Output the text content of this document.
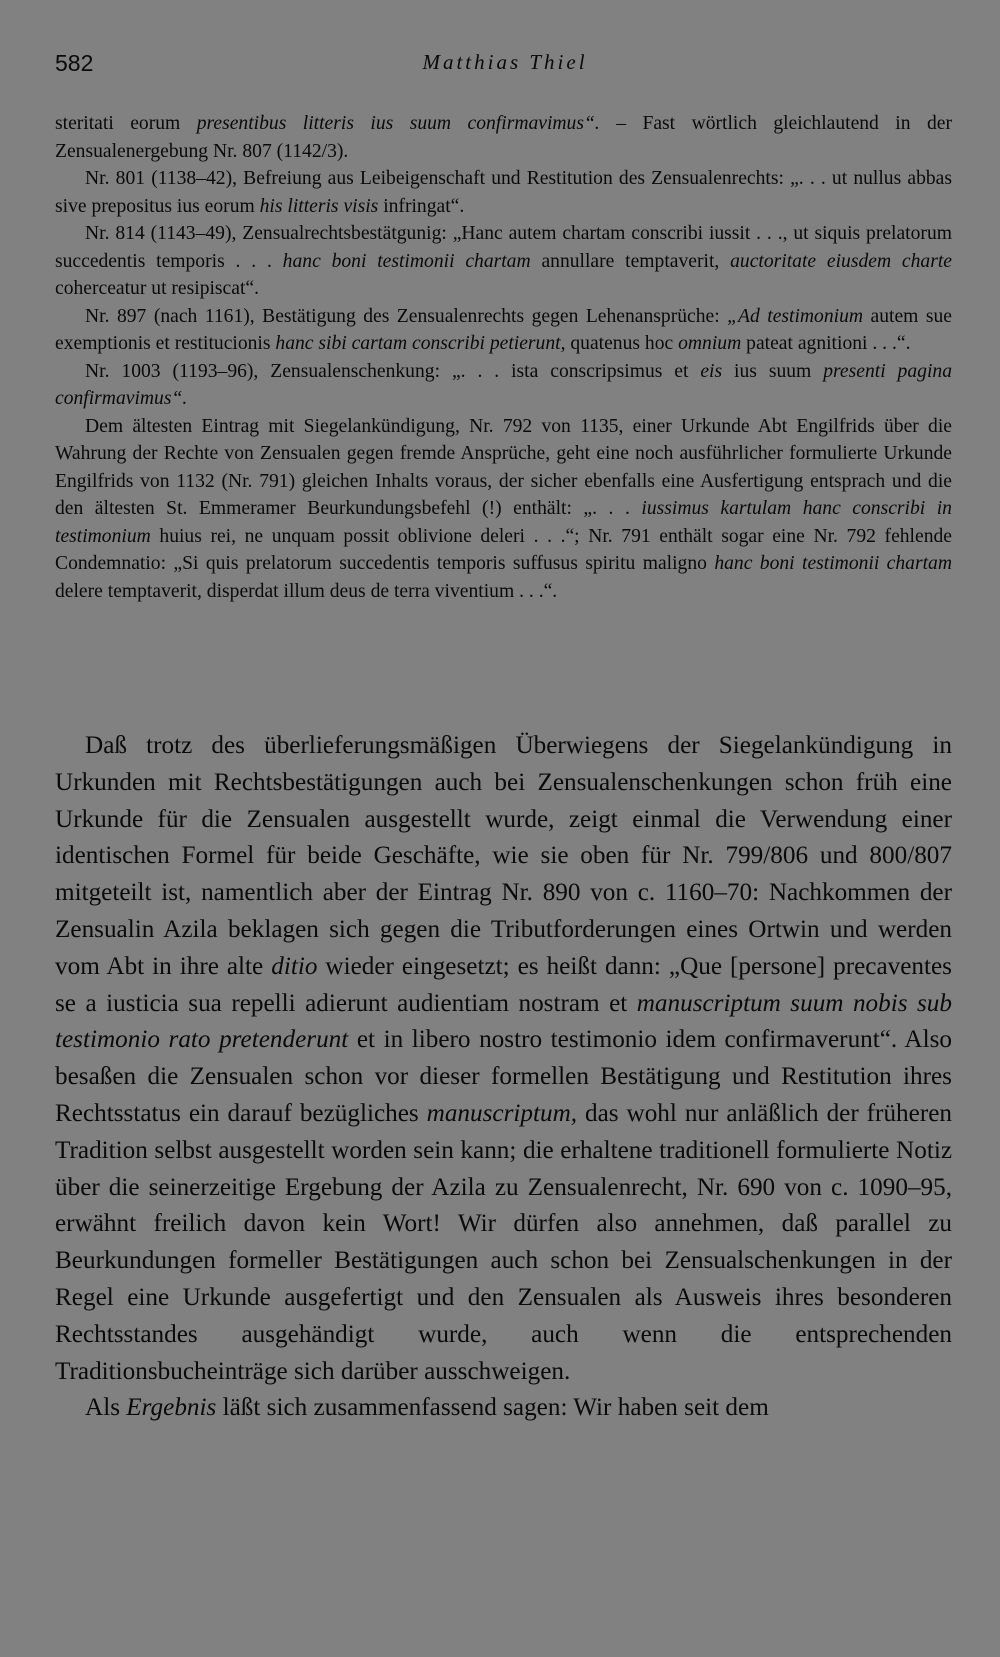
582	Matthias Thiel

steritati eorum presentibus litteris ius suum confirmavimus“. – Fast wörtlich gleichlautend in der Zensualenergebung Nr. 807 (1142/3).

Nr. 801 (1138–42), Befreiung aus Leibeigenschaft und Restitution des Zensualenrechts: „. . . ut nullus abbas sive prepositus ius eorum his litteris visis infringat“.

Nr. 814 (1143–49), Zensualrechtsbestätgunig: „Hanc autem chartam conscribi iussit . . ., ut siquis prelatorum succedentis temporis . . . hanc boni testimonii chartam annullare temptaverit, auctoritate eiusdem charte coherceatur ut resipiscat“.

Nr. 897 (nach 1161), Bestätigung des Zensualenrechts gegen Lehenansprüche: „Ad testimonium autem sue exemptionis et restitucionis hanc sibi cartam conscribi petierunt, quatenus hoc omnium pateat agnitioni . . .“.

Nr. 1003 (1193–96), Zensualenschenkung: „. . . ista conscripsimus et eis ius suum presenti pagina confirmavimus“.

Dem ältesten Eintrag mit Siegelankündigung, Nr. 792 von 1135, einer Urkunde Abt Engilfrids über die Wahrung der Rechte von Zensualen gegen fremde Ansprüche, geht eine noch ausführlicher formulierte Urkunde Engilfrids von 1132 (Nr. 791) gleichen Inhalts voraus, der sicher ebenfalls eine Ausfertigung entsprach und die den ältesten St. Emmeramer Beurkundungsbefehl (!) enthält: „. . . iussimus kartulam hanc conscribi in testimonium huius rei, ne unquam possit oblivione deleri . . .“; Nr. 791 enthält sogar eine Nr. 792 fehlende Condemnatio: „Si quis prelatorum succedentis temporis suffusus spiritu maligno hanc boni testimonii chartam delere temptaverit, disperdat illum deus de terra viventium . . .“.

Daß trotz des überlieferungsmäßigen Überwiegens der Siegelankündigung in Urkunden mit Rechtsbestätigungen auch bei Zensualenschenkungen schon früh eine Urkunde für die Zensualen ausgestellt wurde, zeigt einmal die Verwendung einer identischen Formel für beide Geschäfte, wie sie oben für Nr. 799/806 und 800/807 mitgeteilt ist, namentlich aber der Eintrag Nr. 890 von c. 1160–70: Nachkommen der Zensualin Azila beklagen sich gegen die Tributforderungen eines Ortwin und werden vom Abt in ihre alte ditio wieder eingesetzt; es heißt dann: „Que [persone] precaventes se a iusticia sua repelli adierunt audientiam nostram et manuscriptum suum nobis sub testimonio rato pretenderunt et in libero nostro testimonio idem confirmaverunt“. Also besaßen die Zensualen schon vor dieser formellen Bestätigung und Restitution ihres Rechtsstatus ein darauf bezügliches manuscriptum, das wohl nur anläßlich der früheren Tradition selbst ausgestellt worden sein kann; die erhaltene traditionell formulierte Notiz über die seinerzeitige Ergebung der Azila zu Zensualenrecht, Nr. 690 von c. 1090–95, erwähnt freilich davon kein Wort! Wir dürfen also annehmen, daß parallel zu Beurkundungen formeller Bestätigungen auch schon bei Zensualschenkungen in der Regel eine Urkunde ausgefertigt und den Zensualen als Ausweis ihres besonderen Rechtsstandes ausgehändigt wurde, auch wenn die entsprechenden Traditionsbucheinträge sich darüber ausschweigen.

Als Ergebnis läßt sich zusammenfassend sagen: Wir haben seit dem
